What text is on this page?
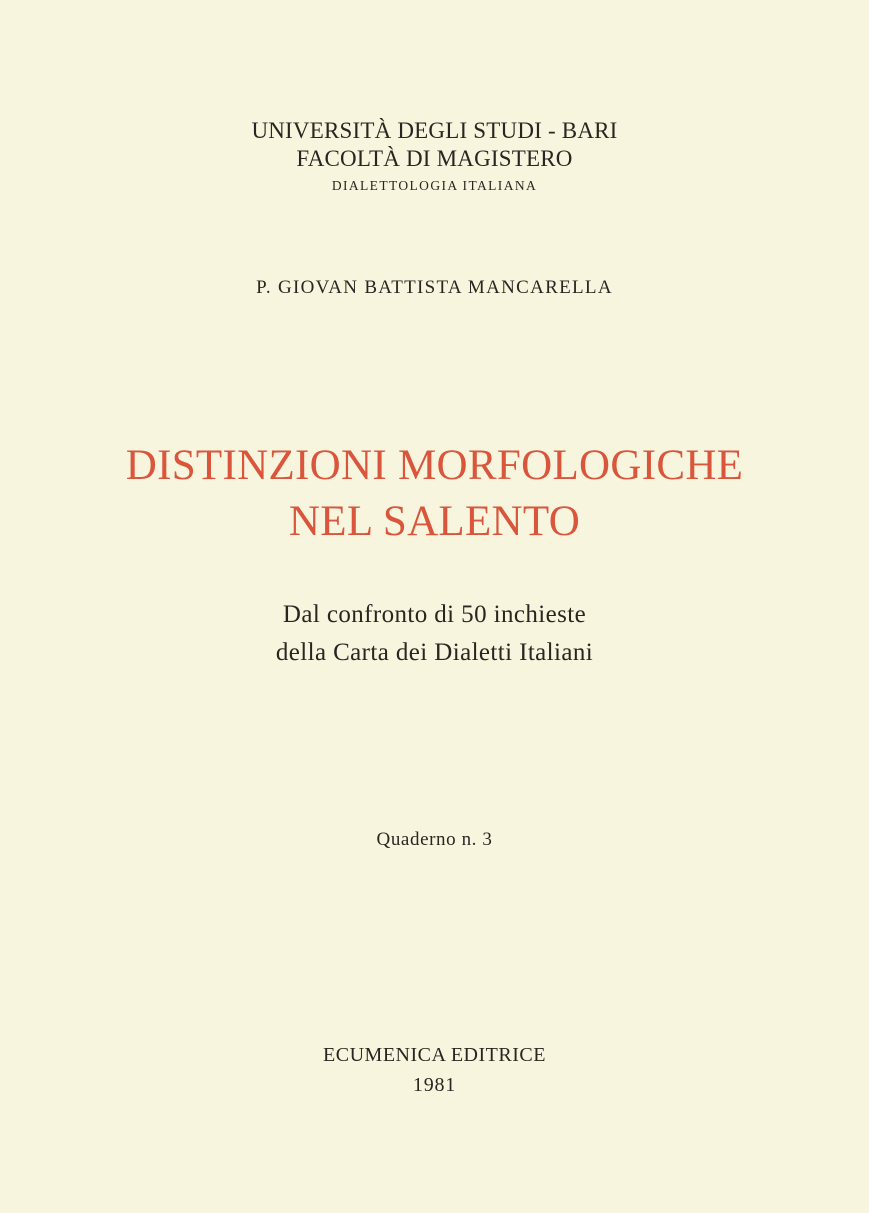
UNIVERSITÀ DEGLI STUDI - BARI
FACOLTÀ DI MAGISTERO
DIALETTOLOGIA ITALIANA
P. GIOVAN BATTISTA MANCARELLA
DISTINZIONI MORFOLOGICHE
NEL SALENTO
Dal confronto di 50 inchieste
della Carta dei Dialetti Italiani
Quaderno n. 3
ECUMENICA EDITRICE
1981
